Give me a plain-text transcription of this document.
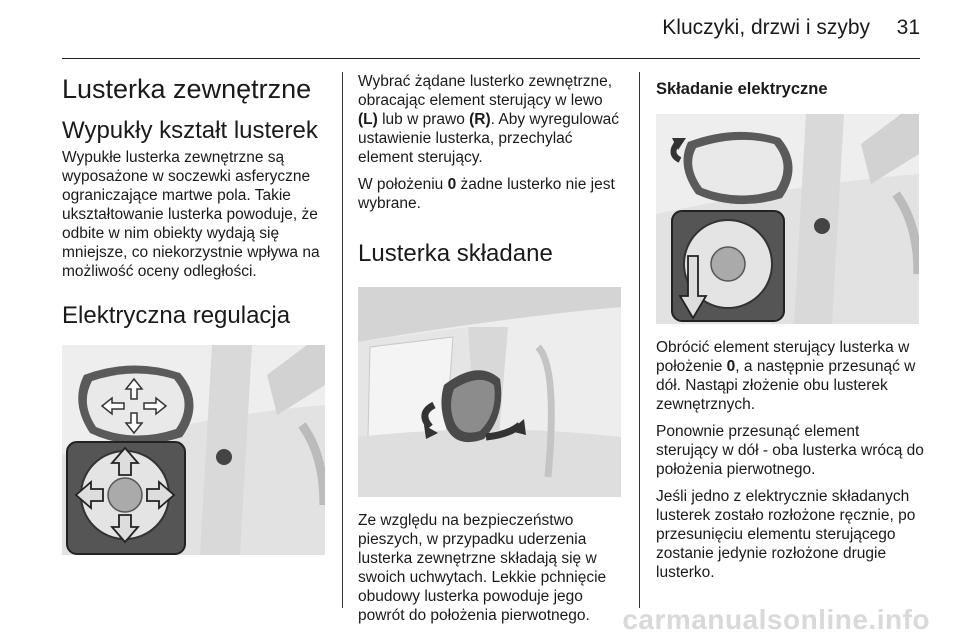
Kluczyki, drzwi i szyby	31
Lusterka zewnętrzne
Wypukły kształt lusterek

Wypukłe lusterka zewnętrzne są wyposażone w soczewki asferyczne ograniczające martwe pola. Takie ukształtowanie lusterka powoduje, że odbite w nim obiekty wydają się mniejsze, co niekorzystnie wpływa na możliwość oceny odległości.

Elektryczna regulacja

Wybrać żądane lusterko zewnętrzne, obracając element sterujący w lewo (L) lub w prawo (R). Aby wyregulować ustawienie lusterka, przechylać element sterujący.

W położeniu 0 żadne lusterko nie jest wybrane.

Lusterka składane

Ze względu na bezpieczeństwo pieszych, w przypadku uderzenia lusterka zewnętrzne składają się w swoich uchwytach. Lekkie pchnięcie obudowy lusterka powoduje jego powrót do położenia pierwotnego.

Składanie elektryczne

Obrócić element sterujący lusterka w położenie 0, a następnie przesunąć w dół. Nastąpi złożenie obu lusterek zewnętrznych.

Ponownie przesunąć element sterujący w dół - oba lusterka wrócą do położenia pierwotnego.

Jeśli jedno z elektrycznie składanych lusterek zostało rozłożone ręcznie, po przesunięciu elementu sterującego zostanie jedynie rozłożone drugie lusterko.

carmanualsonline.info
